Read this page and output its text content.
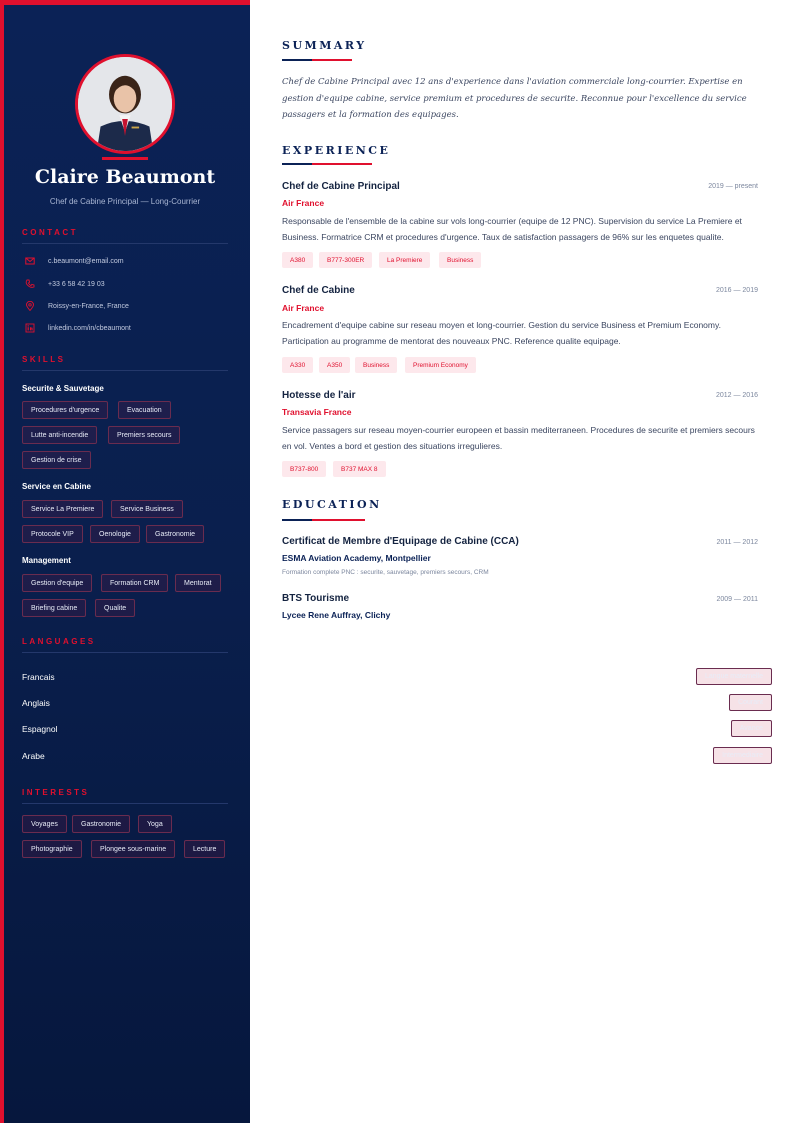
Claire Beaumont
Chef de Cabine Principal — Long-Courrier
CONTACT
c.beaumont@email.com
+33 6 58 42 19 03
Roissy-en-France, France
linkedin.com/in/cbeaumont
SKILLS
Securite & Sauvetage
Procedures d'urgence	Evacuation
Lutte anti-incendie	Premiers secours
Gestion de crise
Service en Cabine
Service La Premiere	Service Business
Protocole VIP	Oenologie	Gastronomie
Management
Gestion d'equipe	Formation CRM	Mentorat
Briefing cabine	Qualite
LANGUAGES
Francais	Langue maternelle
Anglais	Courant
Espagnol	Avance
Arabe	Intermediaire
INTERESTS
Voyages	Gastronomie	Yoga
Photographie	Plongee sous-marine	Lecture
SUMMARY
Chef de Cabine Principal avec 12 ans d'experience dans l'aviation commerciale long-courrier. Expertise en gestion d'equipe cabine, service premium et procedures de securite. Reconnue pour l'excellence du service passagers et la formation des equipages.
EXPERIENCE
Chef de Cabine Principal	2019 — present
Air France
Responsable de l'ensemble de la cabine sur vols long-courrier (equipe de 12 PNC). Supervision du service La Premiere et Business. Formatrice CRM et procedures d'urgence. Taux de satisfaction passagers de 96% sur les enquetes qualite.
A380	B777-300ER	La Premiere	Business
Chef de Cabine	2016 — 2019
Air France
Encadrement d'equipe cabine sur reseau moyen et long-courrier. Gestion du service Business et Premium Economy. Participation au programme de mentorat des nouveaux PNC. Reference qualite equipage.
A330	A350	Business	Premium Economy
Hotesse de l'air	2012 — 2016
Transavia France
Service passagers sur reseau moyen-courrier europeen et bassin mediterraneen. Procedures de securite et premiers secours en vol. Ventes a bord et gestion des situations irregulieres.
B737-800	B737 MAX 8
EDUCATION
Certificat de Membre d'Equipage de Cabine (CCA)	2011 — 2012
ESMA Aviation Academy, Montpellier
Formation complete PNC : securite, sauvetage, premiers secours, CRM
BTS Tourisme	2009 — 2011
Lycee Rene Auffray, Clichy
